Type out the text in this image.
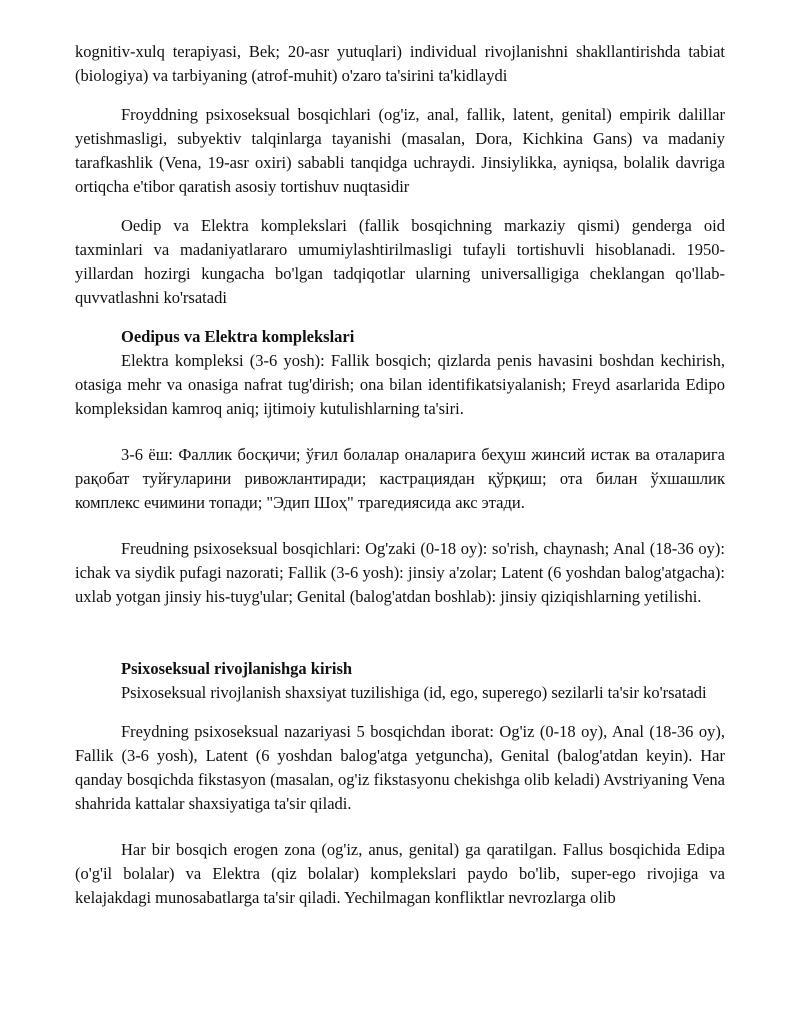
kognitiv-xulq terapiyasi, Bek; 20-asr yutuqlari) individual rivojlanishni shakllantirishda tabiat (biologiya) va tarbiyaning (atrof-muhit) o'zaro ta'sirini ta'kidlaydi

Froyddning psixoseksual bosqichlari (og'iz, anal, fallik, latent, genital) empirik dalillar yetishmasligi, subyektiv talqinlarga tayanishi (masalan, Dora, Kichkina Gans) va madaniy tarafkashlik (Vena, 19-asr oxiri) sababli tanqidga uchraydi. Jinsiylikka, ayniqsa, bolalik davriga ortiqcha e'tibor qaratish asosiy tortishuv nuqtasidir

Oedip va Elektra komplekslari (fallik bosqichning markaziy qismi) genderga oid taxminlari va madaniyatlararo umumiylashtirilmasligi tufayli tortishuvli hisoblanadi. 1950-yillardan hozirgi kungacha bo'lgan tadqiqotlar ularning universalligiga cheklangan qo'llab-quvvatlashni ko'rsatadi

Oedipus va Elektra komplekslari

Elektra kompleksi (3-6 yosh): Fallik bosqich; qizlarda penis havasini boshdan kechirish, otasiga mehr va onasiga nafrat tug'dirish; ona bilan identifikatsiyalanish; Freyd asarlarida Edipo kompleksidan kamroq aniq; ijtimoiy kutulishlarning ta'siri.

3-6 ёш: Фаллик босқичи; ўғил болалар оналарига беҳуш жинсий истак ва оталарига рақобат туйғуларини ривожлантиради; кастрациядан қўрқиш; ота билан ўхшашлик комплекс ечимини топади; "Эдип Шоҳ" трагедиясида акс этади.

Freudning psixoseksual bosqichlari: Og'zaki (0-18 oy): so'rish, chaynash; Anal (18-36 oy): ichak va siydik pufagi nazorati; Fallik (3-6 yosh): jinsiy a'zolar; Latent (6 yoshdan balog'atgacha): uxlab yotgan jinsiy his-tuyg'ular; Genital (balog'atdan boshlab): jinsiy qiziqishlarning yetilishi.

Psixoseksual rivojlanishga kirish

Psixoseksual rivojlanish shaxsiyat tuzilishiga (id, ego, superego) sezilarli ta'sir ko'rsatadi

Freydning psixoseksual nazariyasi 5 bosqichdan iborat: Og'iz (0-18 oy), Anal (18-36 oy), Fallik (3-6 yosh), Latent (6 yoshdan balog'atga yetguncha), Genital (balog'atdan keyin). Har qanday bosqichda fikstasyon (masalan, og'iz fikstasyonu chekishga olib keladi) Avstriyaning Vena shahrida kattalar shaxsiyatiga ta'sir qiladi.

Har bir bosqich erogen zona (og'iz, anus, genital) ga qaratilgan. Fallus bosqichida Edipa (o'g'il bolalar) va Elektra (qiz bolalar) komplekslari paydo bo'lib, super-ego rivojiga va kelajakdagi munosabatlarga ta'sir qiladi. Yechilmagan konfliktlar nevrozlarga olib
